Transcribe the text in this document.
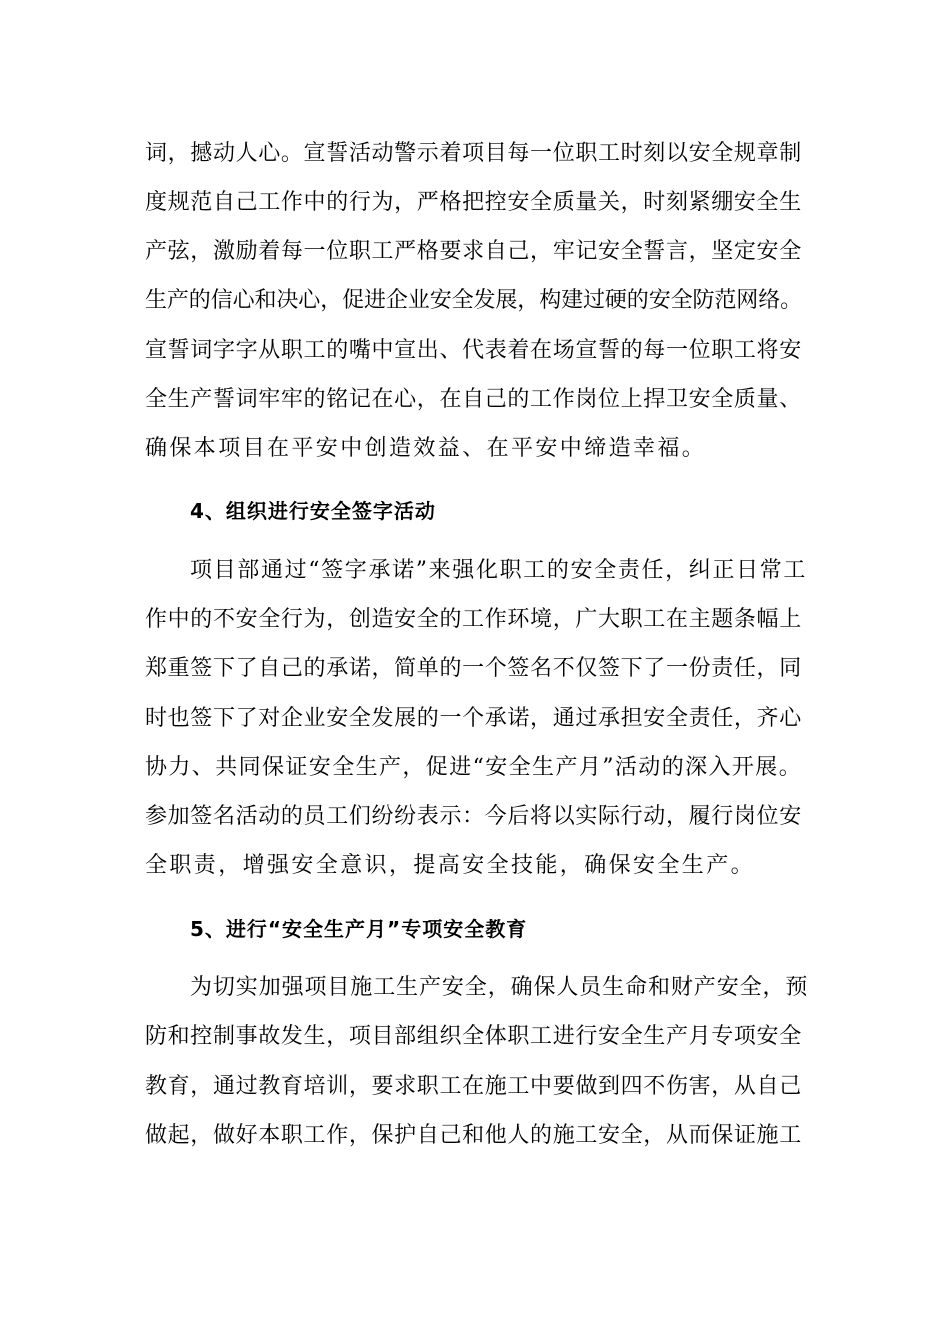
词，撼动人心。宣誓活动警示着项目每一位职工时刻以安全规章制
度规范自己工作中的行为，严格把控安全质量关，时刻紧绷安全生
产弦，激励着每一位职工严格要求自己，牢记安全誓言，坚定安全
生产的信心和决心，促进企业安全发展，构建过硬的安全防范网络。
宣誓词字字从职工的嘴中宣出、代表着在场宣誓的每一位职工将安
全生产誓词牢牢的铭记在心，在自己的工作岗位上捍卫安全质量、
确保本项目在平安中创造效益、在平安中缔造幸福。
4、组织进行安全签字活动
项目部通过“签字承诺”来强化职工的安全责任，纠正日常工
作中的不安全行为，创造安全的工作环境，广大职工在主题条幅上
郑重签下了自己的承诺，简单的一个签名不仅签下了一份责任，同
时也签下了对企业安全发展的一个承诺，通过承担安全责任，齐心
协力、共同保证安全生产，促进“安全生产月”活动的深入开展。
参加签名活动的员工们纷纷表示：今后将以实际行动，履行岗位安
全职责，增强安全意识，提高安全技能，确保安全生产。
5、进行“安全生产月”专项安全教育
为切实加强项目施工生产安全，确保人员生命和财产安全，预
防和控制事故发生，项目部组织全体职工进行安全生产月专项安全
教育，通过教育培训，要求职工在施工中要做到四不伤害，从自己
做起，做好本职工作，保护自己和他人的施工安全，从而保证施工
